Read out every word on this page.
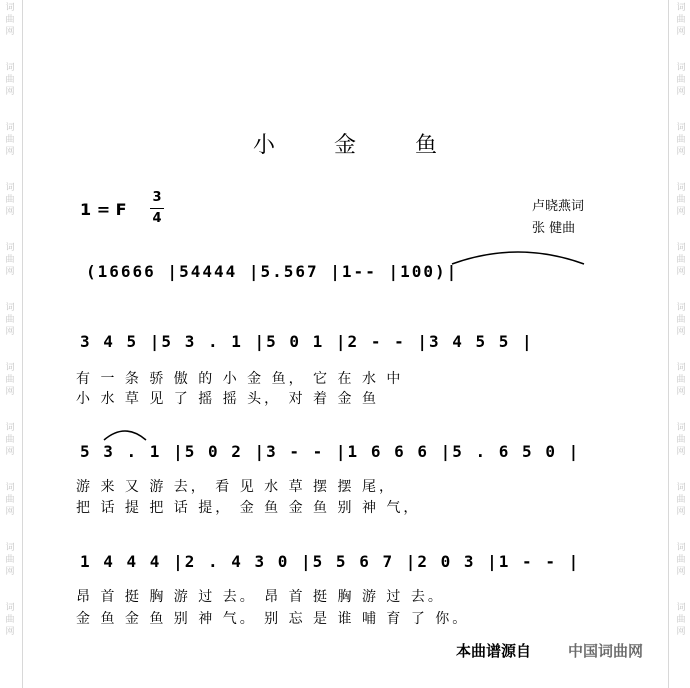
词曲网
词曲网
词曲网
词曲网
词曲网
词曲网
词曲网
词曲网
词曲网
词曲网
词曲网
词曲网
词曲网
词曲网
词曲网
词曲网
词曲网
词曲网
词曲网
词曲网
词曲网
词曲网
小 金 鱼
1 = F
3
4
卢晓燕词
张 健曲
(16666 |54444 |5.567 |1-- |100)|
3 4 5 |5 3 . 1 |5 0 1 |2 - - |3 4 5 5 |
有 一 条 骄 傲 的 小 金 鱼， 它 在 水 中
小 水 草 见 了 摇 摇 头， 对 着 金 鱼
5 3 . 1 |5 0 2 |3 - - |1 6 6 6 |5 . 6 5 0 |
游 来 又 游 去， 看 见 水 草 摆 摆 尾，
把 话 提 把 话 提， 金 鱼 金 鱼 别 神 气，
1 4 4 4 |2 . 4 3 0 |5 5 6 7 |2 0 3 |1 - - |
昂 首 挺 胸 游 过 去。 昂 首 挺 胸 游 过 去。
金 鱼 金 鱼 别 神 气。 别 忘 是 谁 哺 育 了 你。
本曲谱源自 中国词曲网
